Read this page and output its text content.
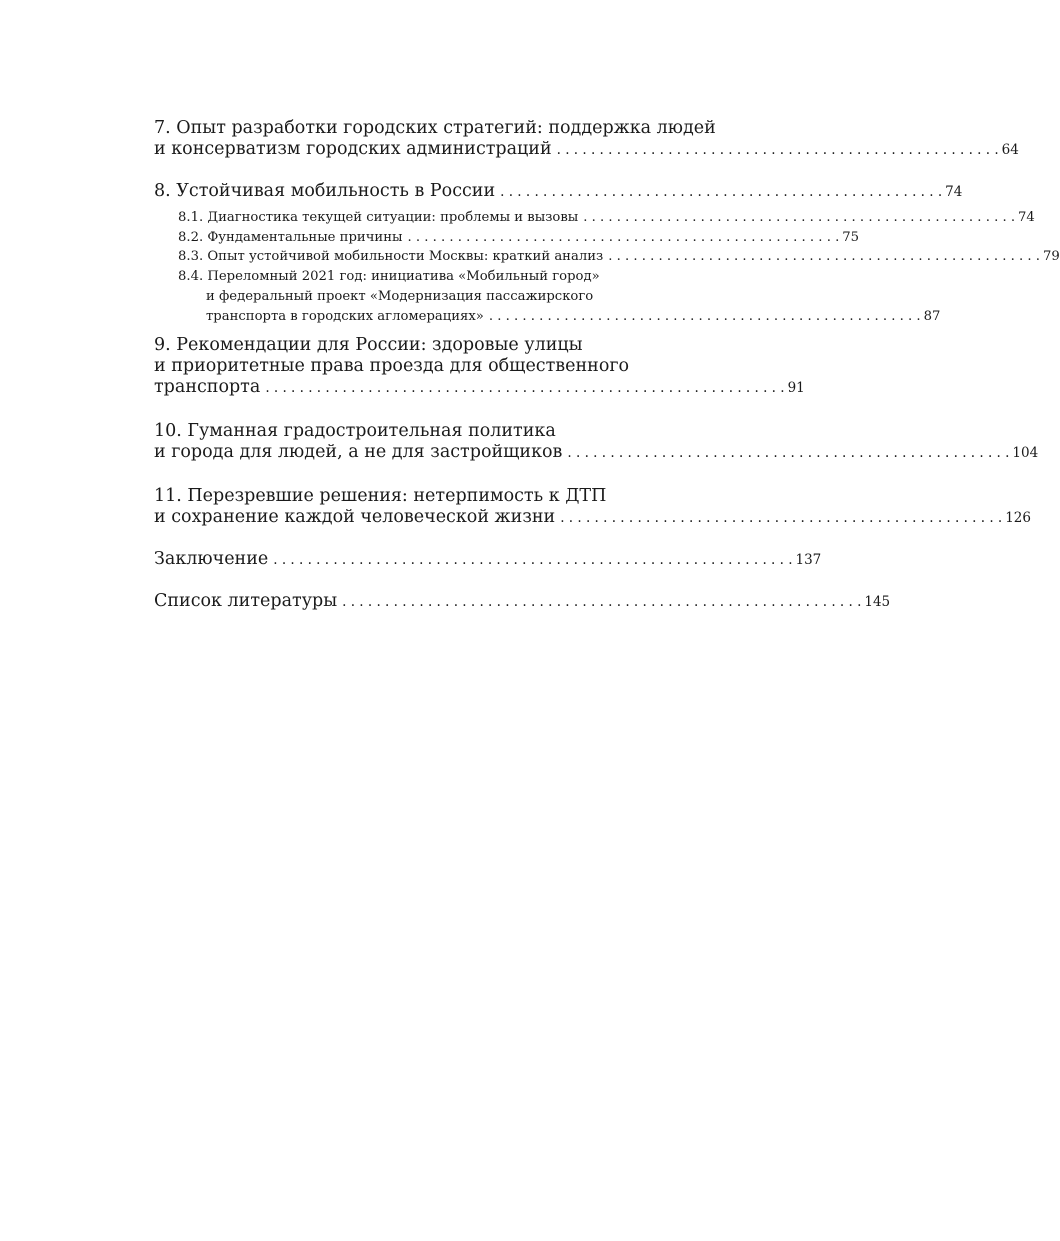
7. Опыт разработки городских стратегий: поддержка людей
и консерватизм городских администраций . . . . . . . . . . . . . . . . . . . . . . . . . . . . . . . . . . . . . . . . . . . . . . . . . . . . 64
8. Устойчивая мобильность в России . . . . . . . . . . . . . . . . . . . . . . . . . . . . . . . . . . . . . . . . . . . . . . . . . . . . 74
8.1. Диагностика текущей ситуации: проблемы и вызовы . . . . . . . . . . . . . . . . . . . . . . . . . . . . . . . . . . . . . . . . . . . . . . . . . . . . 74
8.2. Фундаментальные причины . . . . . . . . . . . . . . . . . . . . . . . . . . . . . . . . . . . . . . . . . . . . . . . . . . . . 75
8.3. Опыт устойчивой мобильности Москвы: краткий анализ . . . . . . . . . . . . . . . . . . . . . . . . . . . . . . . . . . . . . . . . . . . . . . . . . . . . 79
8.4. Переломный 2021 год: инициатива «Мобильный город»
и федеральный проект «Модернизация пассажирского
транспорта в городских агломерациях» . . . . . . . . . . . . . . . . . . . . . . . . . . . . . . . . . . . . . . . . . . . . . . . . . . . . 87
9. Рекомендации для России: здоровые улицы
и приоритетные права проезда для общественного
транспорта . . . . . . . . . . . . . . . . . . . . . . . . . . . . . . . . . . . . . . . . . . . . . . . . . . . . . . . . . . . . . 91
10. Гуманная градостроительная политика
и города для людей, а не для застройщиков . . . . . . . . . . . . . . . . . . . . . . . . . . . . . . . . . . . . . . . . . . . . . . . . . . . . 104
11. Перезревшие решения: нетерпимость к ДТП
и сохранение каждой человеческой жизни . . . . . . . . . . . . . . . . . . . . . . . . . . . . . . . . . . . . . . . . . . . . . . . . . . . . 126
Заключение . . . . . . . . . . . . . . . . . . . . . . . . . . . . . . . . . . . . . . . . . . . . . . . . . . . . . . . . . . . . . 137
Список литературы . . . . . . . . . . . . . . . . . . . . . . . . . . . . . . . . . . . . . . . . . . . . . . . . . . . . . . . . . . . . . 145
